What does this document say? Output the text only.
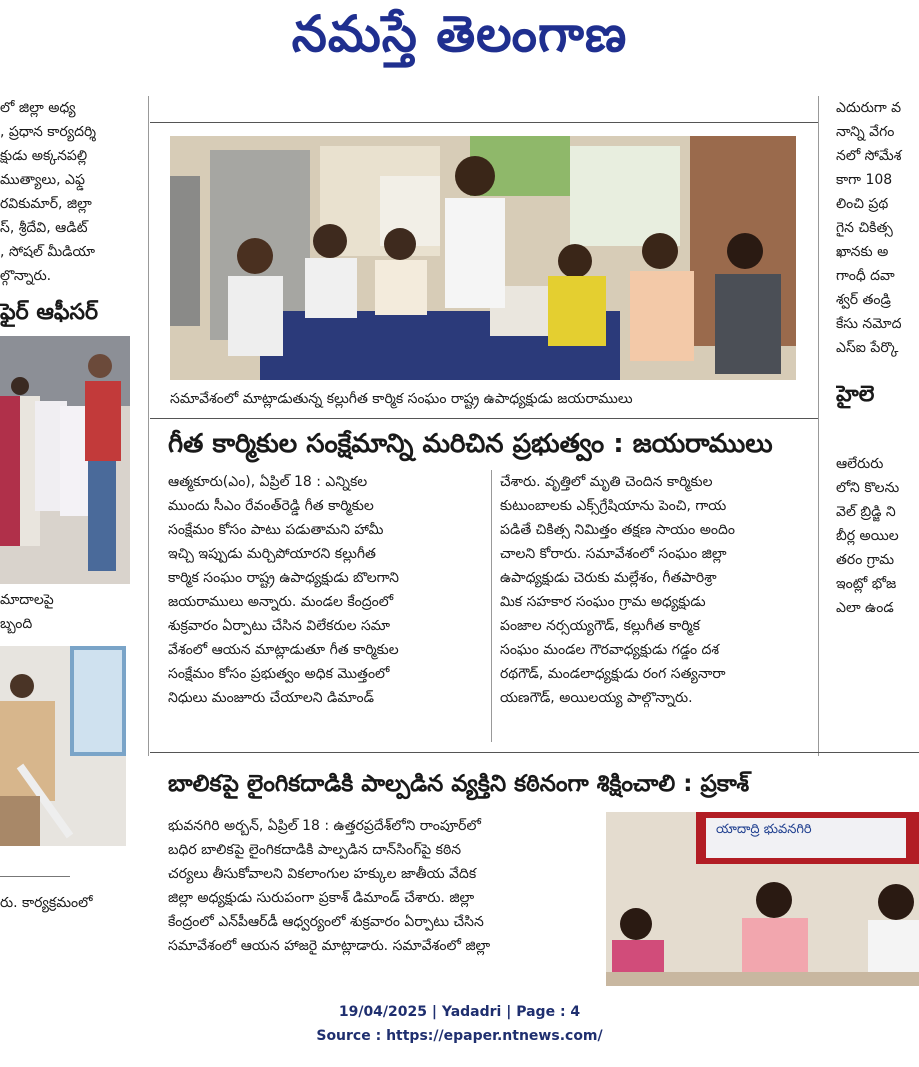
నమస్తే తెలంగాణ

లో జిల్లా అధ్య

, ప్రధాన కార్యదర్శి

క్షుడు అక్కనపల్లి

ముత్యాలు, ఎఫ్డ

రవికుమార్, జిల్లా

స్, శ్రీదేవి, ఆడిట్

, సోషల్ మీడియా

ల్గొన్నారు.

ఫైర్ ఆఫీసర్

మాదాలపై

బ్బంది

రు. కార్యక్రమంలో

ఎదురుగా వ

నాన్ని వేగం

నలో సోమేశ

కాగా 108

లించి ప్రథ

గైన చికిత్స

ఖానకు అ

గాంధీ దవా

శ్వర్ తండ్రి

కేసు నమోద

ఎస్ఐ పేర్కొ

హైలె

ఆలేరురు

లోని కొలను

వెల్ బ్రిడ్జి ని

బీర్ల అయిల

తరం గ్రామ

ఇంట్లో భోజ

ఎలా ఉండ

సమావేశంలో మాట్లాడుతున్న కల్లుగీత కార్మిక సంఘం రాష్ట్ర ఉపాధ్యక్షుడు జయరాములు
గీత కార్మికుల సంక్షేమాన్ని మరిచిన ప్రభుత్వం : జయరాములు

ఆత్మకూరు(ఎం), ఏప్రిల్ 18 : ఎన్నికల

ముందు సీఎం రేవంత్‌రెడ్డి గీత కార్మికుల

సంక్షేమం కోసం పాటు పడుతామని హామీ

ఇచ్చి ఇప్పుడు మర్చిపోయారని కల్లుగీత

కార్మిక సంఘం రాష్ట్ర ఉపాధ్యక్షుడు బొలగాని

జయరాములు అన్నారు. మండల కేంద్రంలో

శుక్రవారం ఏర్పాటు చేసిన విలేకరుల సమా

వేశంలో ఆయన మాట్లాడుతూ గీత కార్మికుల

సంక్షేమం కోసం ప్రభుత్వం అధిక మొత్తంలో

నిధులు మంజూరు చేయాలని డిమాండ్

చేశారు. వృత్తిలో మృతి చెందిన కార్మికుల

కుటుంబాలకు ఎక్స్‌గ్రేషియాను పెంచి, గాయ

పడితే చికిత్స నిమిత్తం తక్షణ సాయం అందిం

చాలని కోరారు. సమావేశంలో సంఘం జిల్లా

ఉపాధ్యక్షుడు చెరుకు మల్లేశం, గీతపారిశ్రా

మిక సహకార సంఘం గ్రామ అధ్యక్షుడు

పంజాల నర్సయ్యగౌడ్, కల్లుగీత కార్మిక

సంఘం మండల గౌరవాధ్యక్షుడు గడ్డం దశ

రథగౌడ్, మండలాధ్యక్షుడు రంగ సత్యనారా

యణగౌడ్, అయిలయ్య పాల్గొన్నారు.

బాలికపై లైంగికదాడికి పాల్పడిన వ్యక్తిని కఠినంగా శిక్షించాలి : ప్రకాశ్

భువనగిరి అర్బన్, ఏప్రిల్ 18 : ఉత్తరప్రదేశ్‌లోని రాంపూర్‌లో

బధిర బాలికపై లైంగికదాడికి పాల్పడిన దాన్‌సింగ్‌పై కఠిన

చర్యలు తీసుకోవాలని వికలాంగుల హక్కుల జాతీయ వేదిక

జిల్లా అధ్యక్షుడు సురుపంగా ప్రకాశ్ డిమాండ్ చేశారు. జిల్లా

కేంద్రంలో ఎన్‌పీఆర్‌డీ ఆధ్వర్యంలో శుక్రవారం ఏర్పాటు చేసిన

సమావేశంలో ఆయన హాజరై మాట్లాడారు. సమావేశంలో జిల్లా

యాదాద్రి భువనగిరి
19/04/2025 | Yadadri | Page : 4
Source : https://epaper.ntnews.com/
